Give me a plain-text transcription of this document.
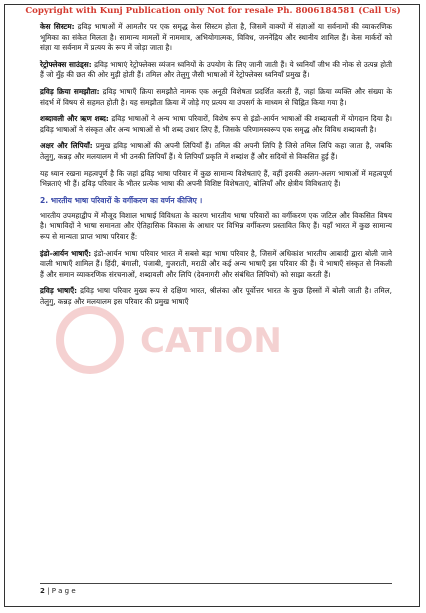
Copyright with Kunj Publication only Not for resale Ph. 8006184581 (Call Us)
CATION

केस सिस्टम: द्रविड़ भाषाओं में आमतौर पर एक समृद्ध केस सिस्टम होता है, जिसमें वाक्यों में संज्ञाओं या सर्वनामों की व्याकरणिक भूमिका का संकेत मिलता है। सामान्य मामलों में नाममात्र, अभियोगात्मक, विविध, जननेंद्रिय और स्थानीय शामिल हैं। केस मार्करों को संज्ञा या सर्वनाम में प्रत्यय के रूप में जोड़ा जाता है।

रेट्रोफ्लेक्स साउंड्स: द्रविड़ भाषाएं रेट्रोफ्लेक्स व्यंजन ध्वनियों के उपयोग के लिए जानी जाती हैं। ये ध्वनियाँ जीभ की नोक से उत्पन्न होती हैं जो मुँह की छत की ओर मुड़ी होती हैं। तमिल और तेलुगु जैसी भाषाओं में रेट्रोफ्लेक्स ध्वनियाँ प्रमुख हैं।

द्रविड़ क्रिया समझौता: द्रविड़ भाषाएँ क्रिया समझौते नामक एक अनूठी विशेषता प्रदर्शित करती हैं, जहां क्रिया व्यक्ति और संख्या के संदर्भ में विषय से सहमत होती है। यह समझौता क्रिया में जोड़े गए प्रत्यय या उपसर्ग के माध्यम से चिह्नित किया गया है।

शब्दावली और ऋण शब्द: द्रविड़ भाषाओं ने अन्य भाषा परिवारों, विशेष रूप से इंडो-आर्यन भाषाओं की शब्दावली में योगदान दिया है। द्रविड़ भाषाओं ने संस्कृत और अन्य भाषाओं से भी शब्द उधार लिए हैं, जिसके परिणामस्वरूप एक समृद्ध और विविध शब्दावली है।

अक्षर और लिपियाँ: प्रमुख द्रविड़ भाषाओं की अपनी लिपियाँ हैं। तमिल की अपनी लिपि है जिसे तमिल लिपि कहा जाता है, जबकि तेलुगु, कन्नड़ और मलयालम में भी उनकी लिपियाँ हैं। ये लिपियाँ प्रकृति में शब्दांश हैं और सदियों से विकसित हुई हैं।

यह ध्यान रखना महत्वपूर्ण है कि जहां द्रविड़ भाषा परिवार में कुछ सामान्य विशेषताएं हैं, वहीं इसकी अलग-अलग भाषाओं में महत्वपूर्ण भिन्नताएं भी हैं। द्रविड़ परिवार के भीतर प्रत्येक भाषा की अपनी विशिष्ट विशेषताएं, बोलियाँ और क्षेत्रीय विविधताएं हैं।

2. भारतीय भाषा परिवारों के वर्गीकरण का वर्णन कीजिए ।

भारतीय उपमहाद्वीप में मौजूद विशाल भाषाई विविधता के कारण भारतीय भाषा परिवारों का वर्गीकरण एक जटिल और विकसित विषय है। भाषाविदों ने भाषा समानता और ऐतिहासिक विकास के आधार पर विभिन्न वर्गीकरण प्रस्तावित किए हैं। यहाँ भारत में कुछ सामान्य रूप से मान्यता प्राप्त भाषा परिवार हैं:

इंडो-आर्यन भाषाएँ: इंडो-आर्यन भाषा परिवार भारत में सबसे बड़ा भाषा परिवार है, जिसमें अधिकांश भारतीय आबादी द्वारा बोली जाने वाली भाषाएँ शामिल हैं। हिंदी, बंगाली, पंजाबी, गुजराती, मराठी और कई अन्य भाषाएँ इस परिवार की हैं। ये भाषाएँ संस्कृत से निकली हैं और समान व्याकरणिक संरचनाओं, शब्दावली और लिपि (देवनागरी और संबंधित लिपियों) को साझा करती हैं।

द्रविड़ भाषाएँ: द्रविड़ भाषा परिवार मुख्य रूप से दक्षिण भारत, श्रीलंका और पूर्वोत्तर भारत के कुछ हिस्सों में बोली जाती है। तमिल, तेलुगु, कन्नड़ और मलयालम इस परिवार की प्रमुख भाषाएँ

2 | P a g e
